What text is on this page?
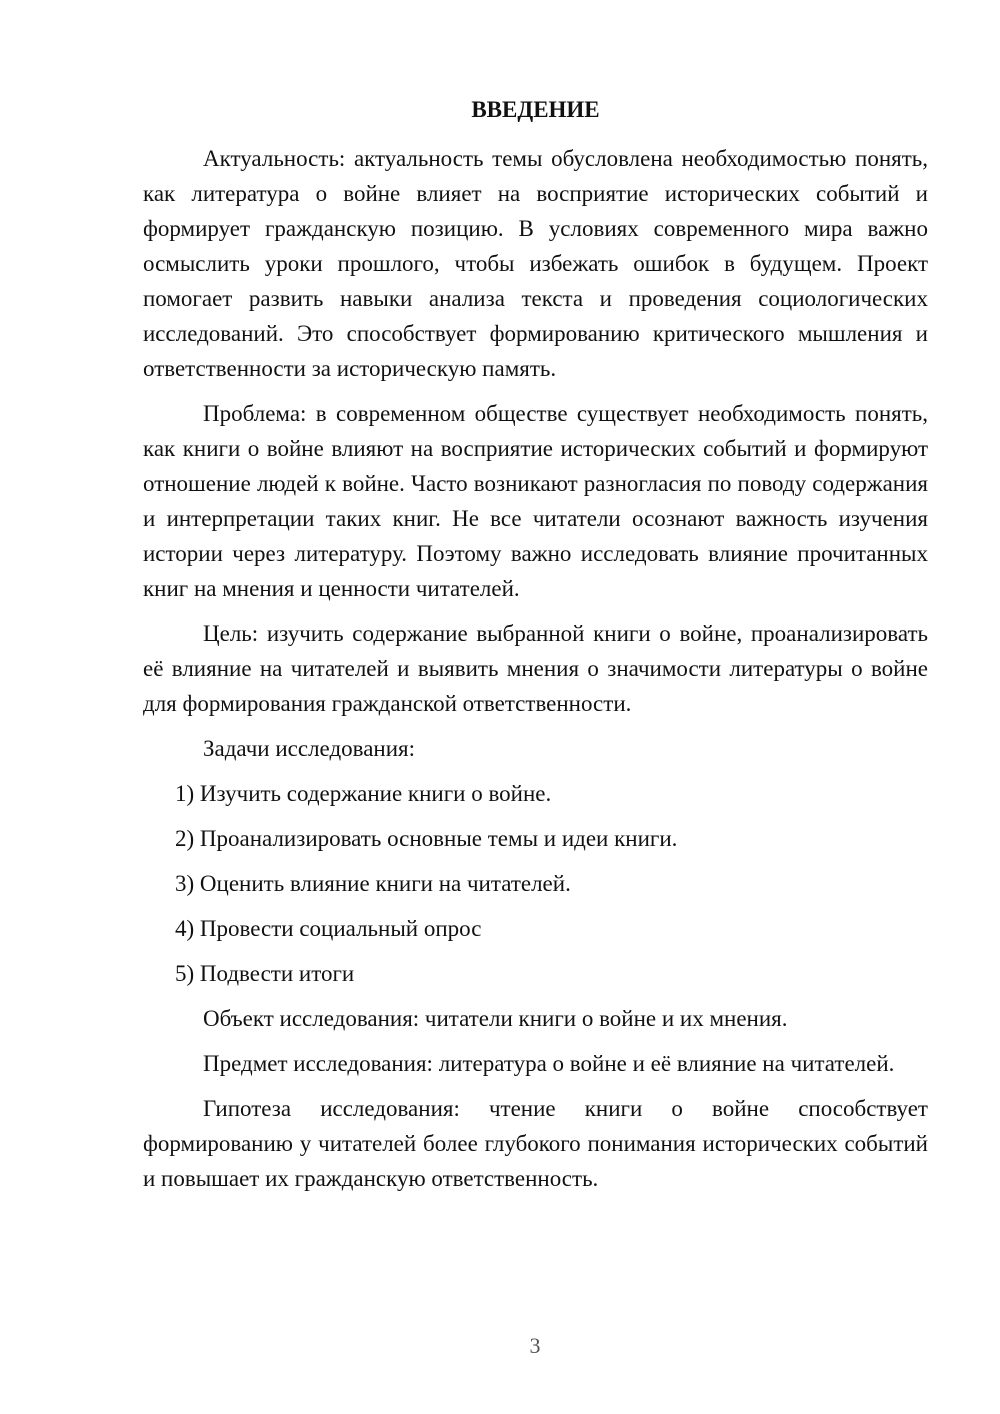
ВВЕДЕНИЕ

Актуальность: актуальность темы обусловлена необходимостью понять, как литература о войне влияет на восприятие исторических событий и формирует гражданскую позицию. В условиях современного мира важно осмыслить уроки прошлого, чтобы избежать ошибок в будущем. Проект помогает развить навыки анализа текста и проведения социологических исследований. Это способствует формированию критического мышления и ответственности за историческую память.

Проблема: в современном обществе существует необходимость понять, как книги о войне влияют на восприятие исторических событий и формируют отношение людей к войне. Часто возникают разногласия по поводу содержания и интерпретации таких книг. Не все читатели осознают важность изучения истории через литературу. Поэтому важно исследовать влияние прочитанных книг на мнения и ценности читателей.

Цель: изучить содержание выбранной книги о войне, проанализировать её влияние на читателей и выявить мнения о значимости литературы о войне для формирования гражданской ответственности.

Задачи исследования:

1) Изучить содержание книги о войне.
2) Проанализировать основные темы и идеи книги.
3) Оценить влияние книги на читателей.
4) Провести социальный опрос
5) Подвести итоги

Объект исследования: читатели книги о войне и их мнения.

Предмет исследования: литература о войне и её влияние на читателей.

Гипотеза исследования: чтение книги о войне способствует формированию у читателей более глубокого понимания исторических событий и повышает их гражданскую ответственность.

3
